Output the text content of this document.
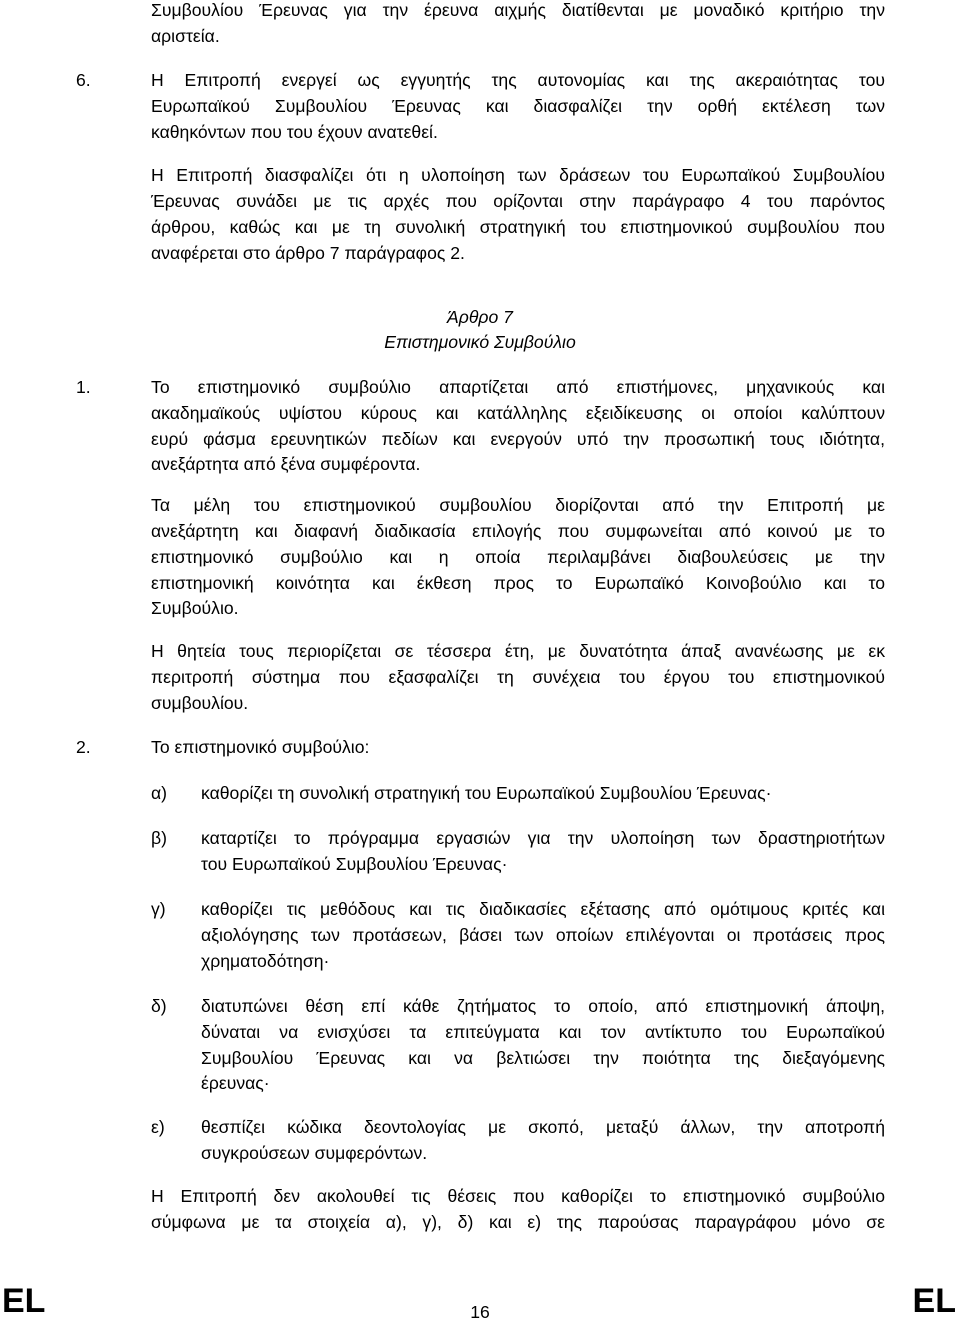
Συμβουλίου Έρευνας για την έρευνα αιχμής διατίθενται με μοναδικό κριτήριο την
αριστεία.
6.	Η Επιτροπή ενεργεί ως εγγυητής της αυτονομίας και της ακεραιότητας του
Ευρωπαϊκού Συμβουλίου Έρευνας και διασφαλίζει την ορθή εκτέλεση των
καθηκόντων που του έχουν ανατεθεί.
Η Επιτροπή διασφαλίζει ότι η υλοποίηση των δράσεων του Ευρωπαϊκού Συμβουλίου
Έρευνας συνάδει με τις αρχές που ορίζονται στην παράγραφο 4 του παρόντος
άρθρου, καθώς και με τη συνολική στρατηγική του επιστημονικού συμβουλίου που
αναφέρεται στο άρθρο 7 παράγραφος 2.
Άρθρο 7
Επιστημονικό Συμβούλιο
1.	Το επιστημονικό συμβούλιο απαρτίζεται από επιστήμονες, μηχανικούς και
ακαδημαϊκούς υψίστου κύρους και κατάλληλης εξειδίκευσης οι οποίοι καλύπτουν
ευρύ φάσμα ερευνητικών πεδίων και ενεργούν υπό την προσωπική τους ιδιότητα,
ανεξάρτητα από ξένα συμφέροντα.
Τα μέλη του επιστημονικού συμβουλίου διορίζονται από την Επιτροπή με
ανεξάρτητη και διαφανή διαδικασία επιλογής που συμφωνείται από κοινού με το
επιστημονικό συμβούλιο και η οποία περιλαμβάνει διαβουλεύσεις με την
επιστημονική κοινότητα και έκθεση προς το Ευρωπαϊκό Κοινοβούλιο και το
Συμβούλιο.
Η θητεία τους περιορίζεται σε τέσσερα έτη, με δυνατότητα άπαξ ανανέωσης με εκ
περιτροπή σύστημα που εξασφαλίζει τη συνέχεια του έργου του επιστημονικού
συμβουλίου.
2.	Το επιστημονικό συμβούλιο:
α) καθορίζει τη συνολική στρατηγική του Ευρωπαϊκού Συμβουλίου Έρευνας·
β) καταρτίζει το πρόγραμμα εργασιών για την υλοποίηση των δραστηριοτήτων
του Ευρωπαϊκού Συμβουλίου Έρευνας·
γ) καθορίζει τις μεθόδους και τις διαδικασίες εξέτασης από ομότιμους κριτές και
αξιολόγησης των προτάσεων, βάσει των οποίων επιλέγονται οι προτάσεις προς
χρηματοδότηση·
δ) διατυπώνει θέση επί κάθε ζητήματος το οποίο, από επιστημονική άποψη,
δύναται να ενισχύσει τα επιτεύγματα και τον αντίκτυπο του Ευρωπαϊκού
Συμβουλίου Έρευνας και να βελτιώσει την ποιότητα της διεξαγόμενης
έρευνας·
ε) θεσπίζει κώδικα δεοντολογίας με σκοπό, μεταξύ άλλων, την αποτροπή
συγκρούσεων συμφερόντων.
Η Επιτροπή δεν ακολουθεί τις θέσεις που καθορίζει το επιστημονικό συμβούλιο
σύμφωνα με τα στοιχεία α), γ), δ) και ε) της παρούσας παραγράφου μόνο σε
EL	16	EL
